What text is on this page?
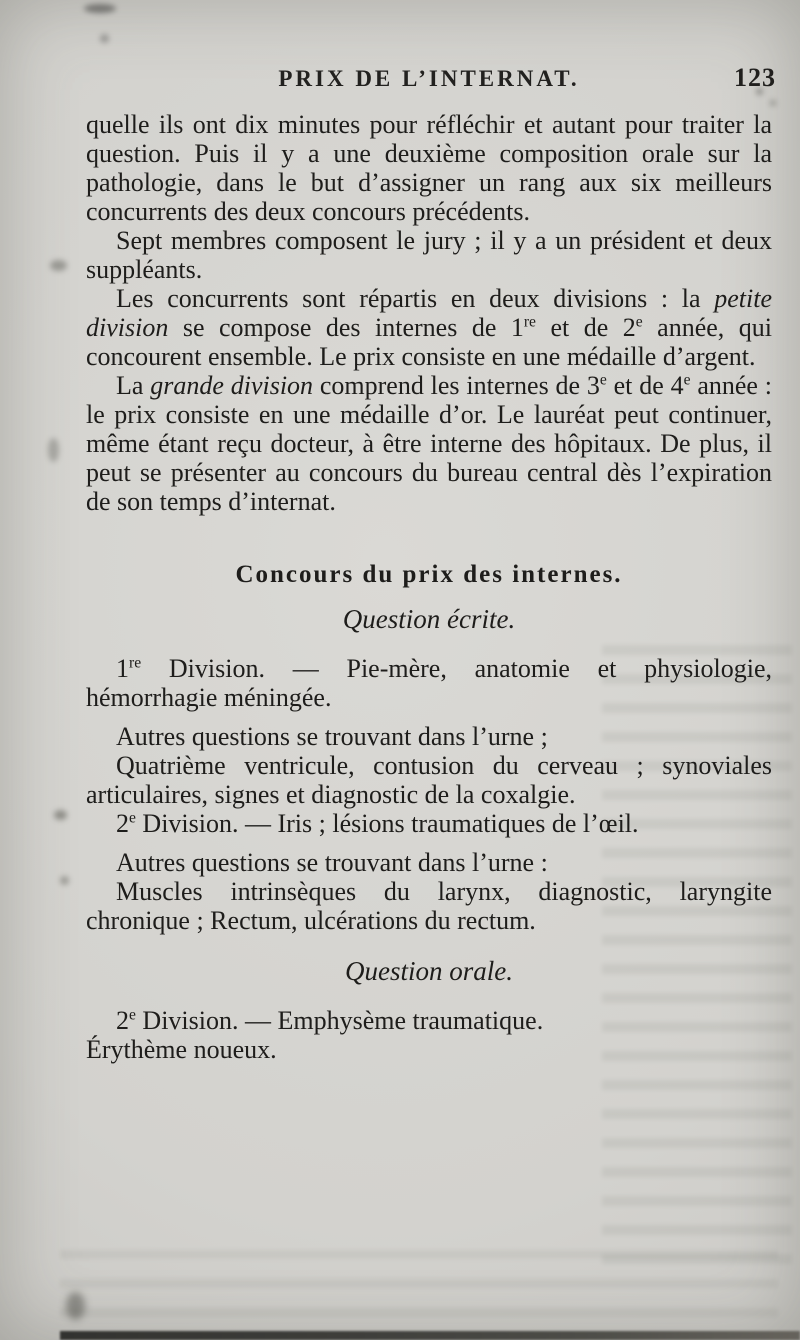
PRIX DE L’INTERNAT.	123

quelle ils ont dix minutes pour réfléchir et autant pour traiter la question. Puis il y a une deuxième composition orale sur la pathologie, dans le but d’assigner un rang aux six meilleurs concurrents des deux concours précédents.

Sept membres composent le jury ; il y a un président et deux suppléants.

Les concurrents sont répartis en deux divisions : la petite division se compose des internes de 1re et de 2e année, qui concourent ensemble. Le prix consiste en une médaille d’argent.

La grande division comprend les internes de 3e et de 4e année : le prix consiste en une médaille d’or. Le lauréat peut continuer, même étant reçu docteur, à être interne des hôpitaux. De plus, il peut se présenter au concours du bureau central dès l’expiration de son temps d’internat.

Concours du prix des internes.

Question écrite.

1re Division. — Pie-mère, anatomie et physiologie, hémorrhagie méningée.

Autres questions se trouvant dans l’urne ;

Quatrième ventricule, contusion du cerveau ; synoviales articulaires, signes et diagnostic de la coxalgie.

2e Division. — Iris ; lésions traumatiques de l’œil.

Autres questions se trouvant dans l’urne :

Muscles intrinsèques du larynx, diagnostic, laryngite chronique ; Rectum, ulcérations du rectum.

Question orale.

2e Division. — Emphysème traumatique.

Érythème noueux.
